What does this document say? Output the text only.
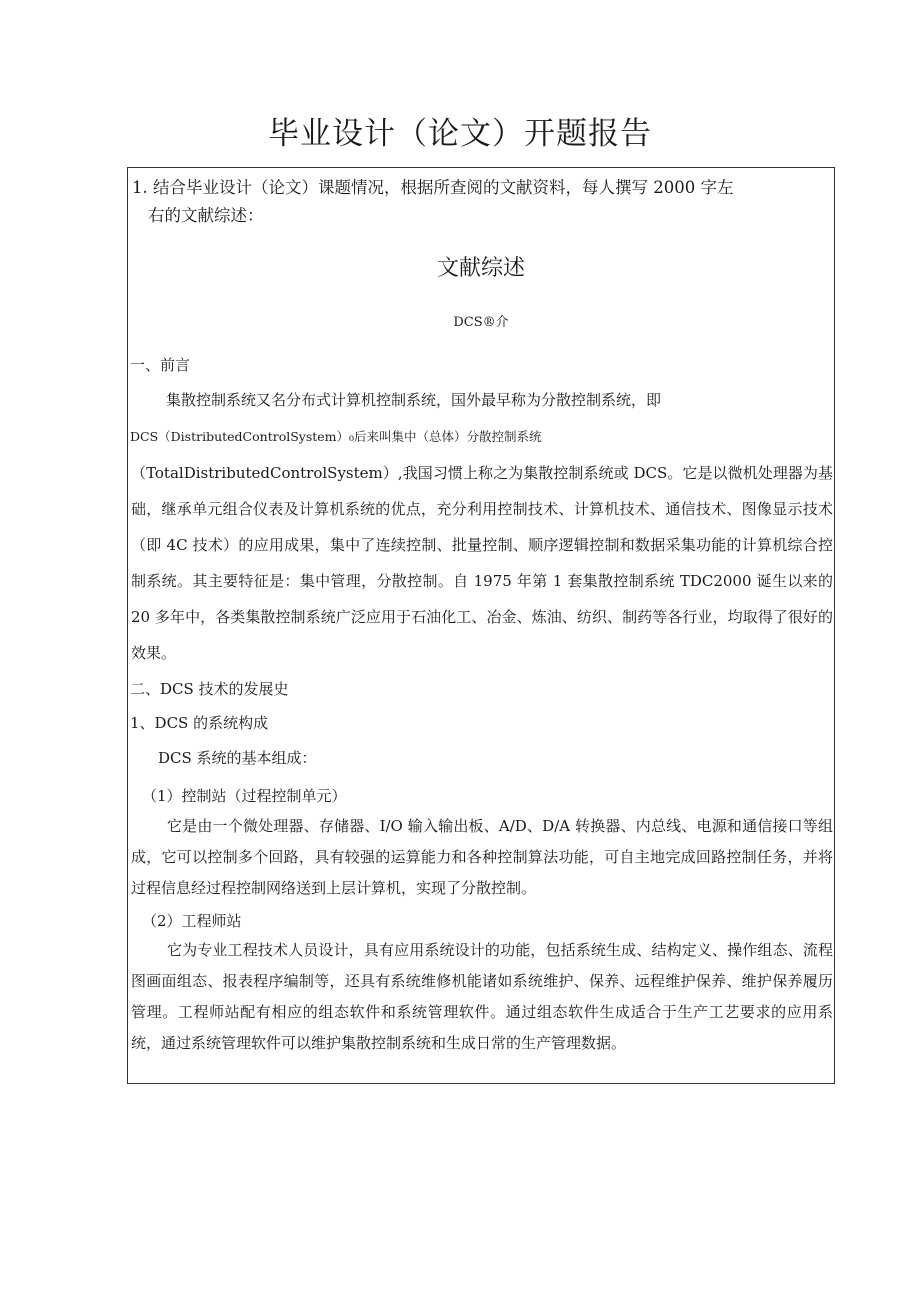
毕业设计（论文）开题报告
1. 结合毕业设计（论文）课题情况，根据所查阅的文献资料，每人撰写 2000 字左
右的文献综述：
文献综述
DCS®介
一、前言
集散控制系统又名分布式计算机控制系统，国外最早称为分散控制系统，即
DCS（DistributedControlSystem）₀后来叫集中（总体）分散控制系统
（TotalDistributedControlSystem）,我国习惯上称之为集散控制系统或 DCS。它是以微机处理器为基础，继承单元组合仪表及计算机系统的优点，充分利用控制技术、计算机技术、通信技术、图像显示技术（即 4C 技术）的应用成果，集中了连续控制、批量控制、顺序逻辑控制和数据采集功能的计算机综合控制系统。其主要特征是：集中管理，分散控制。自 1975 年第 1 套集散控制系统 TDC2000 诞生以来的 20 多年中，各类集散控制系统广泛应用于石油化工、冶金、炼油、纺织、制药等各行业，均取得了很好的效果。
二、DCS 技术的发展史
1、DCS 的系统构成
DCS 系统的基本组成：
（1）控制站（过程控制单元）
它是由一个微处理器、存储器、I/O 输入输出板、A/D、D/A 转换器、内总线、电源和通信接口等组成，它可以控制多个回路，具有较强的运算能力和各种控制算法功能，可自主地完成回路控制任务，并将过程信息经过程控制网络送到上层计算机，实现了分散控制。
（2）工程师站
它为专业工程技术人员设计，具有应用系统设计的功能，包括系统生成、结构定义、操作组态、流程图画面组态、报表程序编制等，还具有系统维修机能诸如系统维护、保养、远程维护保养、维护保养履历管理。工程师站配有相应的组态软件和系统管理软件。通过组态软件生成适合于生产工艺要求的应用系统，通过系统管理软件可以维护集散控制系统和生成日常的生产管理数据。
